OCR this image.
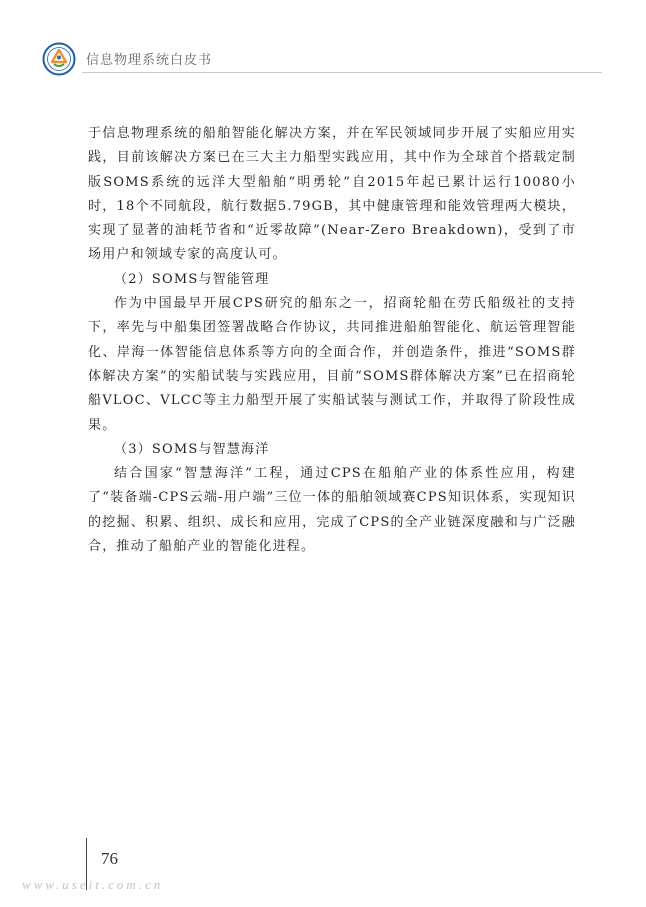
信息物理系统白皮书

于信息物理系统的船舶智能化解决方案，并在军民领域同步开展了实船应用实践，目前该解决方案已在三大主力船型实践应用，其中作为全球首个搭载定制版SOMS系统的远洋大型船舶“明勇轮”自2015年起已累计运行10080小时，18个不同航段，航行数据5.79GB，其中健康管理和能效管理两大模块，实现了显著的油耗节省和“近零故障”(Near-Zero Breakdown)，受到了市场用户和领域专家的高度认可。

（2）SOMS与智能管理

作为中国最早开展CPS研究的船东之一，招商轮船在劳氏船级社的支持下，率先与中船集团签署战略合作协议，共同推进船舶智能化、航运管理智能化、岸海一体智能信息体系等方向的全面合作，并创造条件，推进“SOMS群体解决方案”的实船试装与实践应用，目前“SOMS群体解决方案”已在招商轮船VLOC、VLCC等主力船型开展了实船试装与测试工作，并取得了阶段性成果。

（3）SOMS与智慧海洋

结合国家“智慧海洋”工程，通过CPS在船舶产业的体系性应用，构建了“装备端-CPS云端-用户端”三位一体的船舶领域赛CPS知识体系，实现知识的挖掘、积累、组织、成长和应用，完成了CPS的全产业链深度融和与广泛融合，推动了船舶产业的智能化进程。

76
www.useit.com.cn
